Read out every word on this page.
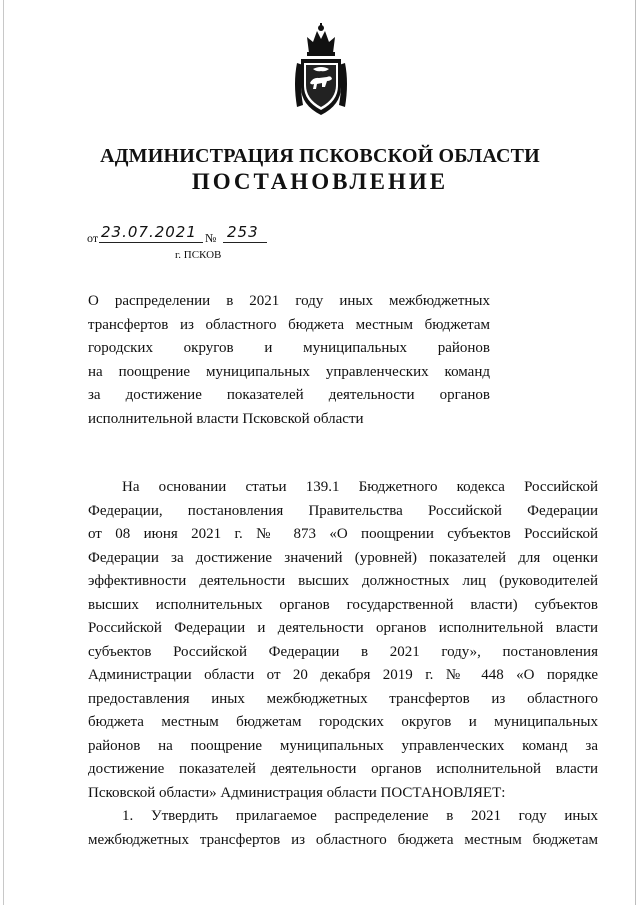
АДМИНИСТРАЦИЯ ПСКОВСКОЙ ОБЛАСТИ
ПОСТАНОВЛЕНИЕ
от 23.07.2021 № 253
г. ПСКОВ
О распределении в 2021 году иных межбюджетных
трансфертов из областного бюджета местным бюджетам
городских округов и муниципальных районов
на поощрение муниципальных управленческих команд
за достижение показателей деятельности органов
исполнительной власти Псковской области
На основании статьи 139.1 Бюджетного кодекса Российской
Федерации, постановления Правительства Российской Федерации
от 08 июня 2021 г. № 873 «О поощрении субъектов Российской
Федерации за достижение значений (уровней) показателей для оценки
эффективности деятельности высших должностных лиц (руководителей
высших исполнительных органов государственной власти) субъектов
Российской Федерации и деятельности органов исполнительной власти
субъектов Российской Федерации в 2021 году», постановления
Администрации области от 20 декабря 2019 г. № 448 «О порядке
предоставления иных межбюджетных трансфертов из областного
бюджета местным бюджетам городских округов и муниципальных
районов на поощрение муниципальных управленческих команд за
достижение показателей деятельности органов исполнительной власти
Псковской области» Администрация области ПОСТАНОВЛЯЕТ:
1. Утвердить прилагаемое распределение в 2021 году иных
межбюджетных трансфертов из областного бюджета местным бюджетам
